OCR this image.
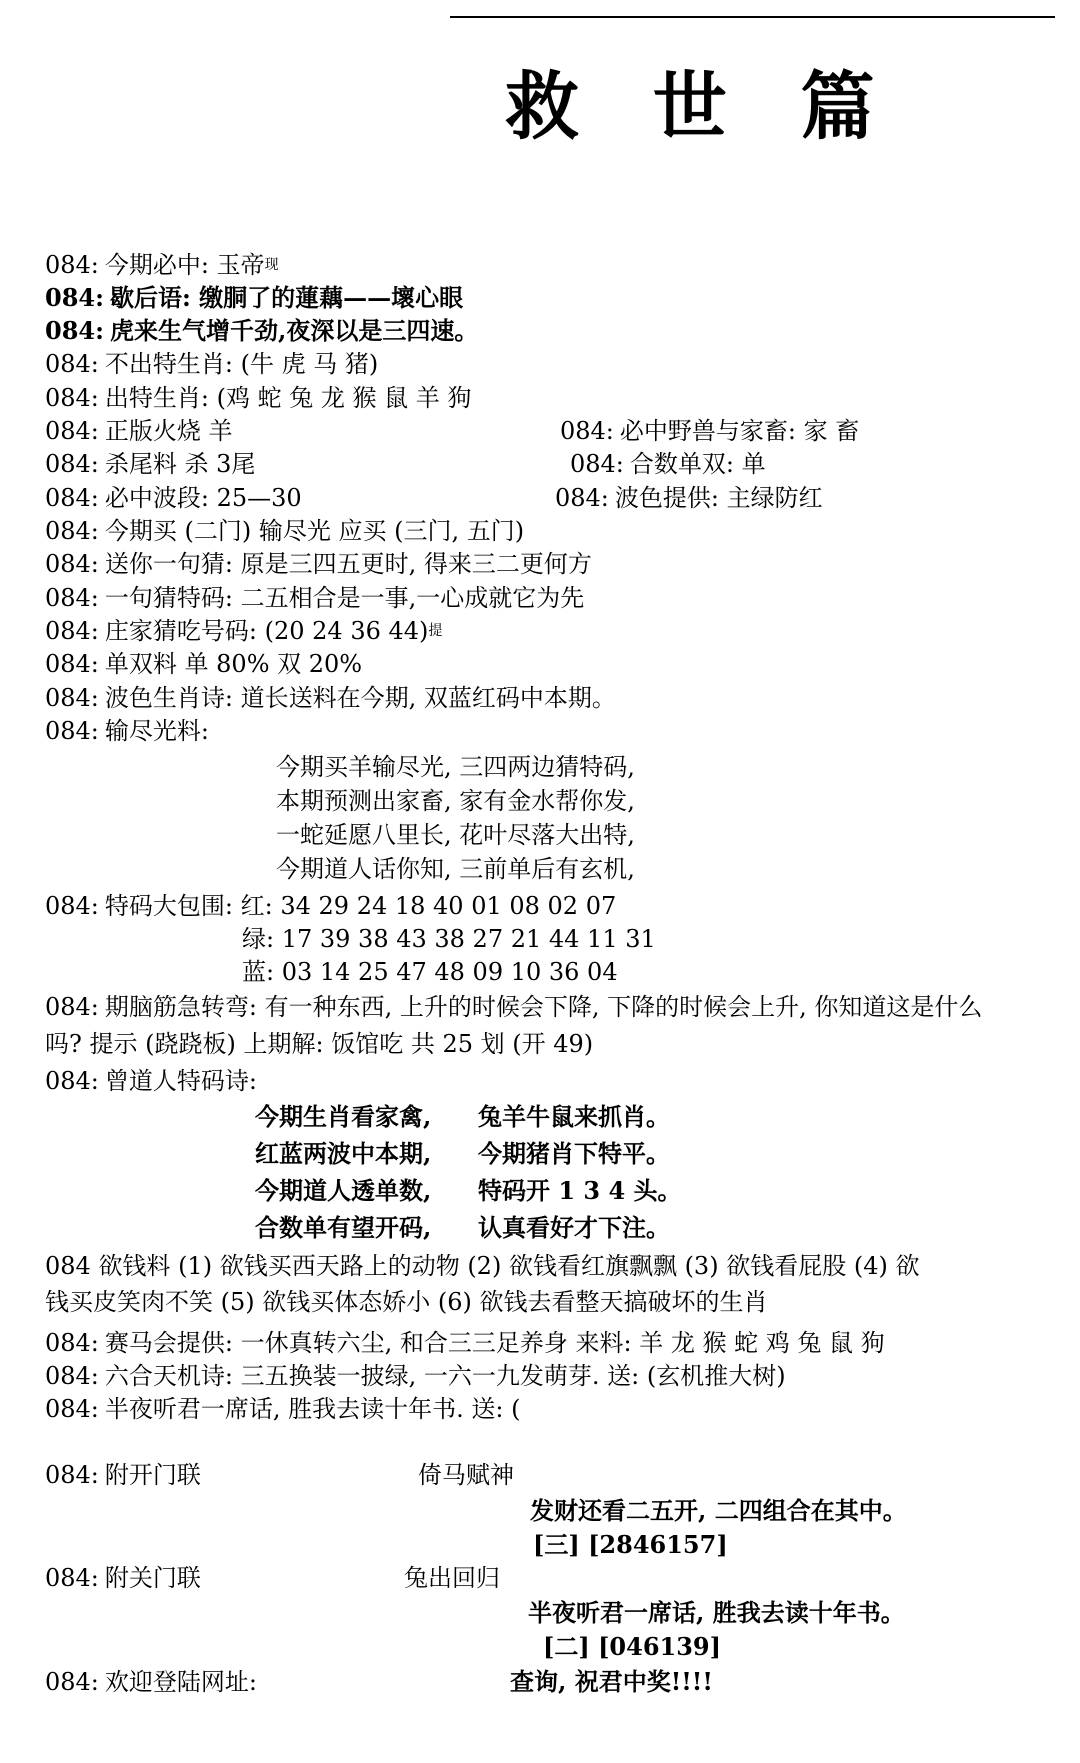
救 世 篇
084: 今期必中: 玉帝$^现$
084: 歇后语: 缴胴了的蓮藕——壞心眼
084: 虎来生气增千劲,夜深以是三四速。
084: 不出特生肖: (牛 虎 马 猪)
084: 出特生肖: (鸡 蛇 兔 龙 猴 鼠 羊 狗
084: 正版火烧 羊	084: 必中野兽与家畜: 家 畜
084: 杀尾料 杀 3尾	084: 合数单双: 单
084: 必中波段: 25—30	084: 波色提供: 主绿防红
084: 今期买 (二门) 输尽光 应买 (三门, 五门)
084: 送你一句猜: 原是三四五更时, 得来三二更何方
084: 一句猜特码: 二五相合是一事,一心成就它为先
084: 庄家猜吃号码: (20 24 36 44)提
084: 单双料 单 80% 双 20%
084: 波色生肖诗: 道长送料在今期, 双蓝红码中本期。
084: 输尽光料:
今期买羊输尽光, 三四两边猜特码,
本期预测出家畜, 家有金水帮你发,
一蛇延愿八里长, 花叶尽落大出特,
今期道人话你知, 三前单后有玄机,
084: 特码大包围: 红: 34 29 24 18 40 01 08 02 07
绿: 17 39 38 43 38 27 21 44 11 31
蓝: 03 14 25 47 48 09 10 36 04
084: 期脑筋急转弯: 有一种东西, 上升的时候会下降, 下降的时候会上升, 你知道这是什么
吗? 提示 (跷跷板) 上期解: 饭馆吃 共 25 划 (开 49)
084: 曾道人特码诗:
今期生肖看家禽, 兔羊牛鼠来抓肖。
红蓝两波中本期, 今期猪肖下特平。
今期道人透单数, 特码开 1 3 4 头。
合数单有望开码, 认真看好才下注。
084 欲钱料 (1) 欲钱买西天路上的动物 (2) 欲钱看红旗飘飘 (3) 欲钱看屁股 (4) 欲
钱买皮笑肉不笑 (5) 欲钱买体态娇小 (6) 欲钱去看整天搞破坏的生肖
084: 赛马会提供: 一休真转六尘, 和合三三足养身 来料: 羊 龙 猴 蛇 鸡 兔 鼠 狗
084: 六合天机诗: 三五换装一披绿, 一六一九发萌芽. 送: (玄机推大树)
084: 半夜听君一席话, 胜我去读十年书. 送: (
084: 附开门联	倚马赋神
发财还看二五开, 二四组合在其中。
[三] [2846157]
084: 附关门联	兔出回归
半夜听君一席话, 胜我去读十年书。
[二] [046139]
084: 欢迎登陆网址:	查询, 祝君中奖!!!!
